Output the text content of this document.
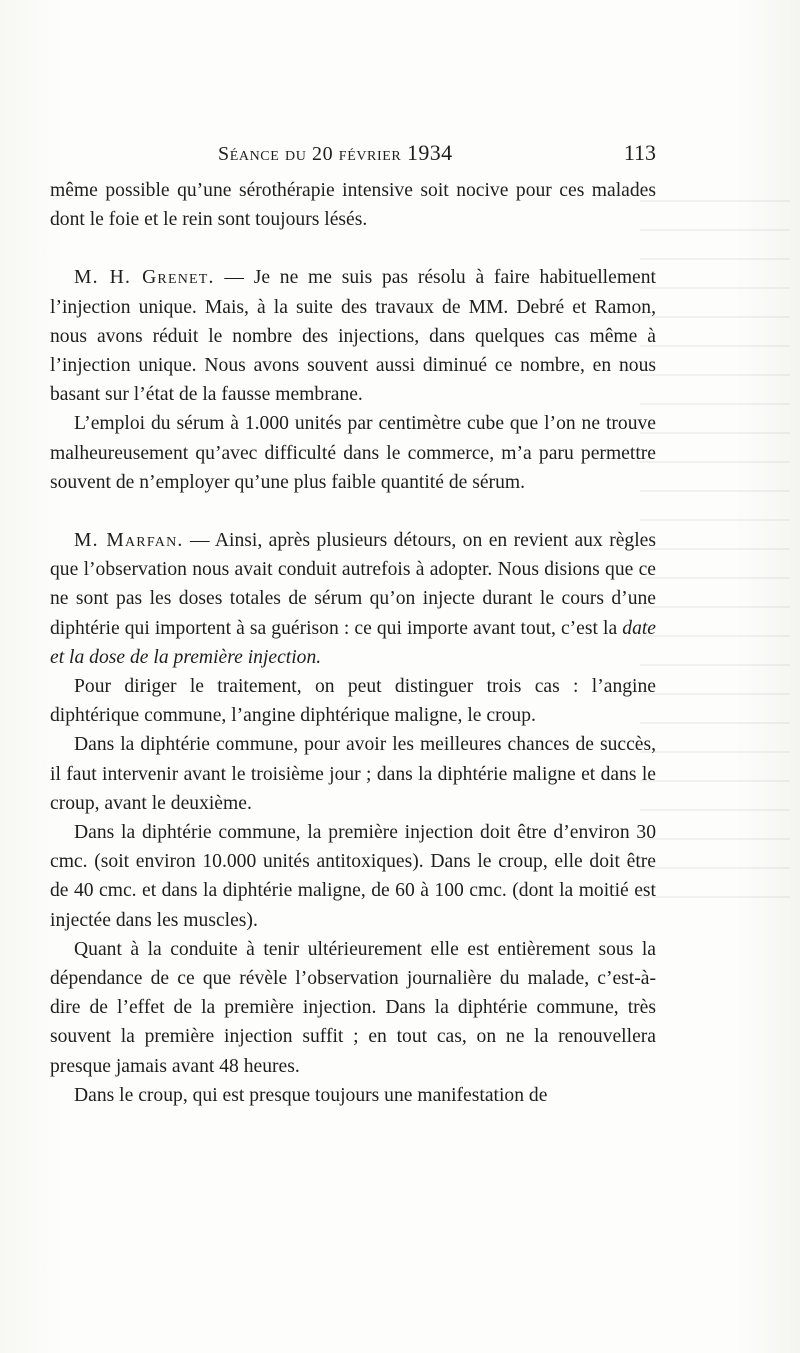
Séance du 20 février 1934	113

même possible qu’une sérothérapie intensive soit nocive pour ces malades dont le foie et le rein sont toujours lésés.

M. H. Grenet. — Je ne me suis pas résolu à faire habituellement l’injection unique. Mais, à la suite des travaux de MM. Debré et Ramon, nous avons réduit le nombre des injections, dans quelques cas même à l’injection unique. Nous avons souvent aussi diminué ce nombre, en nous basant sur l’état de la fausse membrane.

L’emploi du sérum à 1.000 unités par centimètre cube que l’on ne trouve malheureusement qu’avec difficulté dans le commerce, m’a paru permettre souvent de n’employer qu’une plus faible quantité de sérum.

M. Marfan. — Ainsi, après plusieurs détours, on en revient aux règles que l’observation nous avait conduit autrefois à adopter. Nous disions que ce ne sont pas les doses totales de sérum qu’on injecte durant le cours d’une diphtérie qui importent à sa guérison : ce qui importe avant tout, c’est la date et la dose de la première injection.

Pour diriger le traitement, on peut distinguer trois cas : l’angine diphtérique commune, l’angine diphtérique maligne, le croup.

Dans la diphtérie commune, pour avoir les meilleures chances de succès, il faut intervenir avant le troisième jour ; dans la diphtérie maligne et dans le croup, avant le deuxième.

Dans la diphtérie commune, la première injection doit être d’environ 30 cmc. (soit environ 10.000 unités antitoxiques). Dans le croup, elle doit être de 40 cmc. et dans la diphtérie maligne, de 60 à 100 cmc. (dont la moitié est injectée dans les muscles).

Quant à la conduite à tenir ultérieurement elle est entièrement sous la dépendance de ce que révèle l’observation journalière du malade, c’est-à-dire de l’effet de la première injection. Dans la diphtérie commune, très souvent la première injection suffit ; en tout cas, on ne la renouvellera presque jamais avant 48 heures.

Dans le croup, qui est presque toujours une manifestation de
